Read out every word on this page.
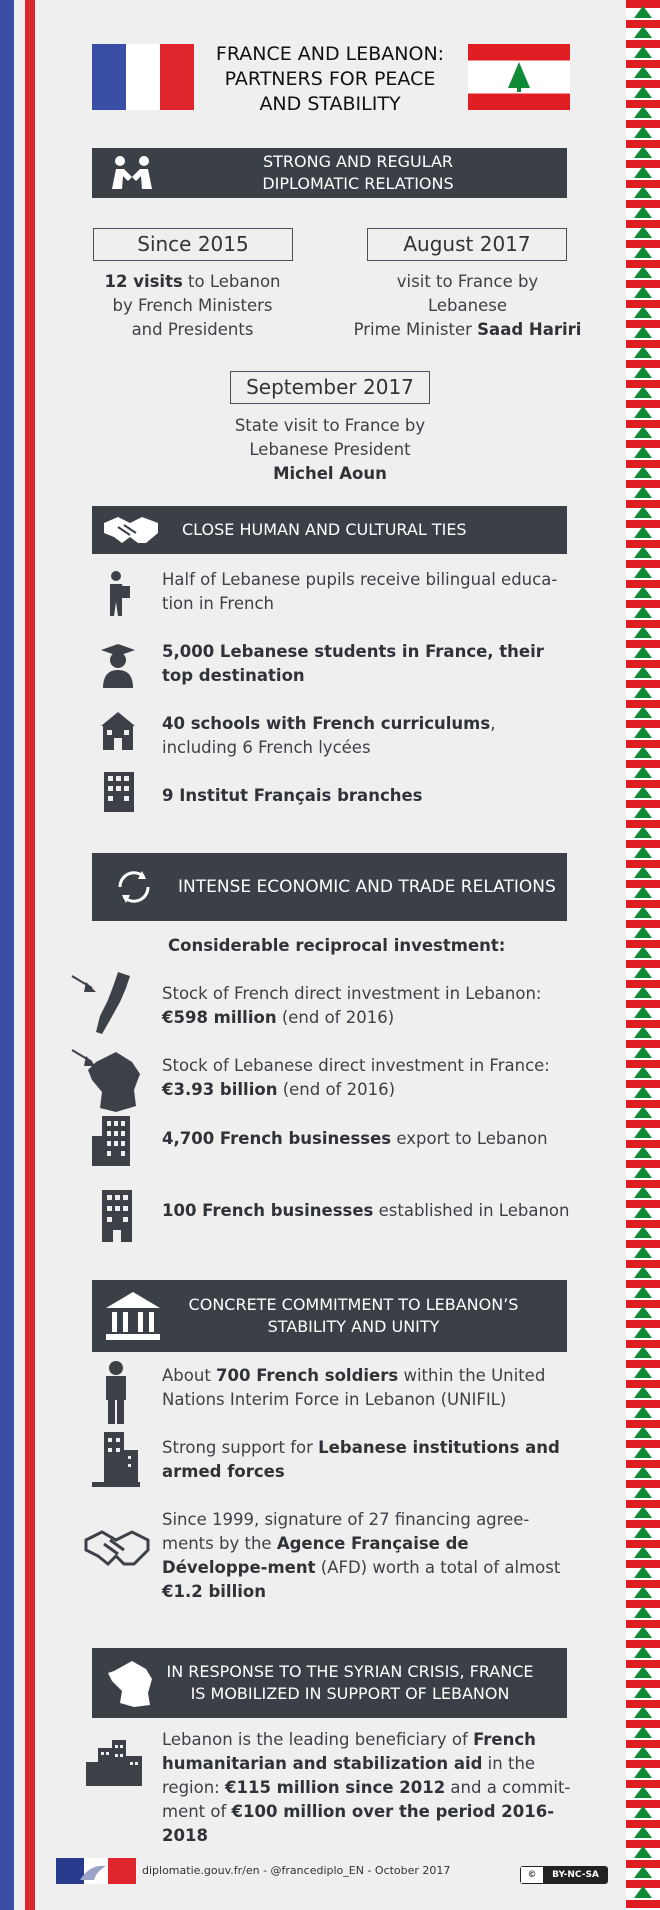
FRANCE AND LEBANON:
PARTNERS FOR PEACE
AND STABILITY
STRONG AND REGULAR
DIPLOMATIC RELATIONS
Since 2015
12 visits to Lebanon
by French Ministers
and Presidents
August 2017
visit to France by
Lebanese
Prime Minister Saad Hariri
September 2017
State visit to France by
Lebanese President
Michel Aoun
CLOSE HUMAN AND CULTURAL TIES
Half of Lebanese pupils receive bilingual educa-tion in French
5,000 Lebanese students in France, their top destination
40 schools with French curriculums, including 6 French lycées
9 Institut Français branches
INTENSE ECONOMIC AND TRADE RELATIONS
Considerable reciprocal investment:
Stock of French direct investment in Lebanon:
€598 million (end of 2016)
Stock of Lebanese direct investment in France:
€3.93 billion (end of 2016)
4,700 French businesses export to Lebanon
100 French businesses established in Lebanon
CONCRETE COMMITMENT TO LEBANON’S
STABILITY AND UNITY
About 700 French soldiers within the United Nations Interim Force in Lebanon (UNIFIL)
Strong support for Lebanese institutions and armed forces
Since 1999, signature of 27 financing agree-ments by the Agence Française de Développe-ment (AFD) worth a total of almost €1.2 billion
IN RESPONSE TO THE SYRIAN CRISIS, FRANCE
IS MOBILIZED IN SUPPORT OF LEBANON
Lebanon is the leading beneficiary of French humanitarian and stabilization aid in the region: €115 million since 2012 and a commit-ment of €100 million over the period 2016-2018
diplomatie.gouv.fr/en - @francediplo_EN - October 2017	©	BY-NC-SA
